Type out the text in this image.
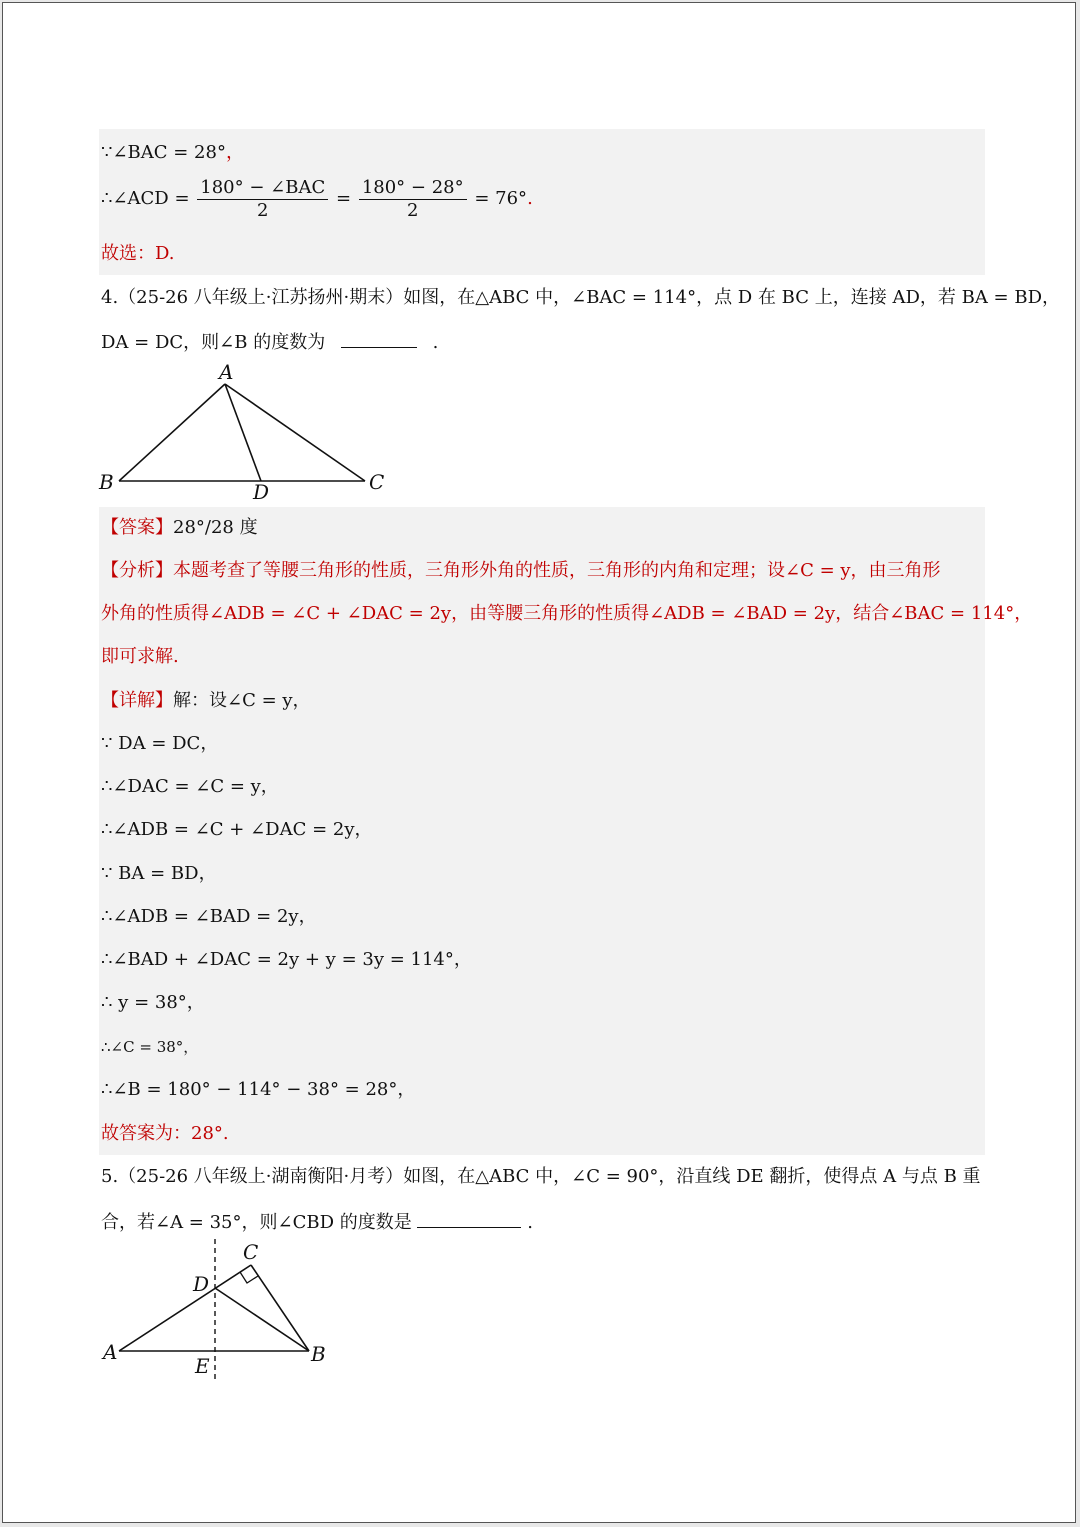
∵∠BAC = 28°，
∴∠ACD = $\frac{\text{180° − ∠BAC}}{2} = \frac{180^\circ - 28^\circ}{2} = 76^\circ$.
故选：D.
4.（25-26 八年级上·江苏扬州·期末）如图，在△ABC 中，∠BAC = 114°，点 D 在 BC 上，连接 AD，若 BA = BD，
DA = DC，则∠B 的度数为	.
A
B	C
D
【答案】28°/28 度
【分析】本题考查了等腰三角形的性质，三角形外角的性质，三角形的内角和定理；设∠C = y，由三角形
外角的性质得∠ADB = ∠C + ∠DAC = 2y，由等腰三角形的性质得∠ADB = ∠BAD = 2y，结合∠BAC = 114°，
即可求解.
【详解】解：设∠C = y，
∵ DA = DC，
∴∠DAC = ∠C = y，
∴∠ADB = ∠C + ∠DAC = 2y，
∵ BA = BD，
∴∠ADB = ∠BAD = 2y，
∴∠BAD + ∠DAC = 2y + y = 3y = 114°，
∴ y = 38°，
∴∠C = 38°，
∴∠B = 180° − 114° − 38° = 28°，
故答案为：28°.
5.（25-26 八年级上·湖南衡阳·月考）如图，在△ABC 中，∠C = 90°，沿直线 DE 翻折，使得点 A 与点 B 重
合，若∠A = 35°，则∠CBD 的度数是	.
C
D
A	B
E
